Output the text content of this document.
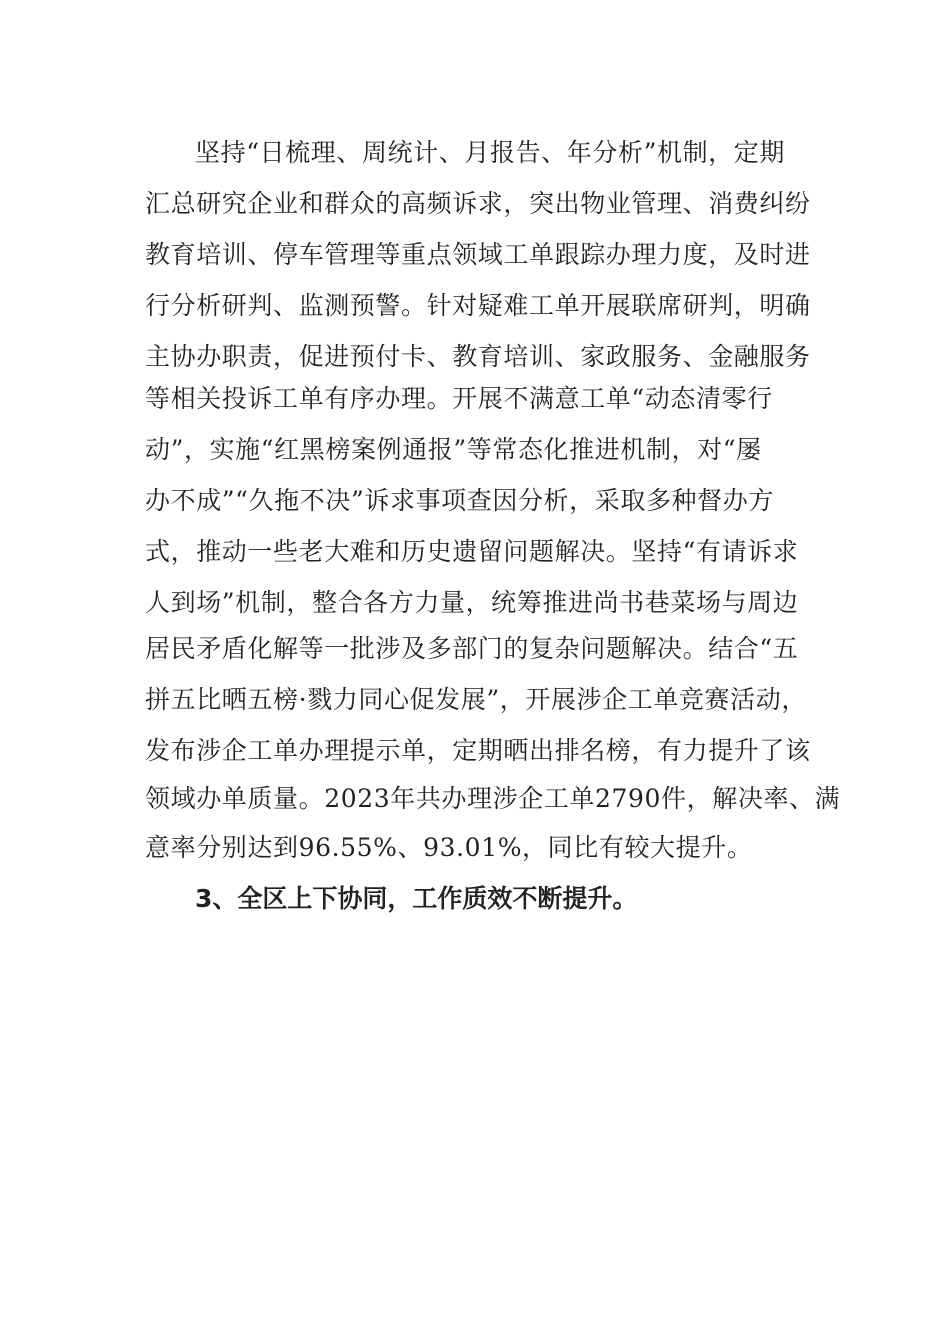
坚持“日梳理、周统计、月报告、年分析”机制，定期
汇总研究企业和群众的高频诉求，突出物业管理、消费纠纷
教育培训、停车管理等重点领域工单跟踪办理力度，及时进
行分析研判、监测预警。针对疑难工单开展联席研判，明确
主协办职责，促进预付卡、教育培训、家政服务、金融服务
等相关投诉工单有序办理。开展不满意工单“动态清零行
动”，实施“红黑榜案例通报”等常态化推进机制，对“屡
办不成”“久拖不决”诉求事项查因分析，采取多种督办方
式，推动一些老大难和历史遗留问题解决。坚持“有请诉求
人到场”机制，整合各方力量，统筹推进尚书巷菜场与周边
居民矛盾化解等一批涉及多部门的复杂问题解决。结合“五
拼五比晒五榜·戮力同心促发展”，开展涉企工单竞赛活动，
发布涉企工单办理提示单，定期晒出排名榜，有力提升了该
领域办单质量。2023年共办理涉企工单2790件，解决率、满
意率分别达到96.55%、93.01%，同比有较大提升。
3、全区上下协同，工作质效不断提升。
